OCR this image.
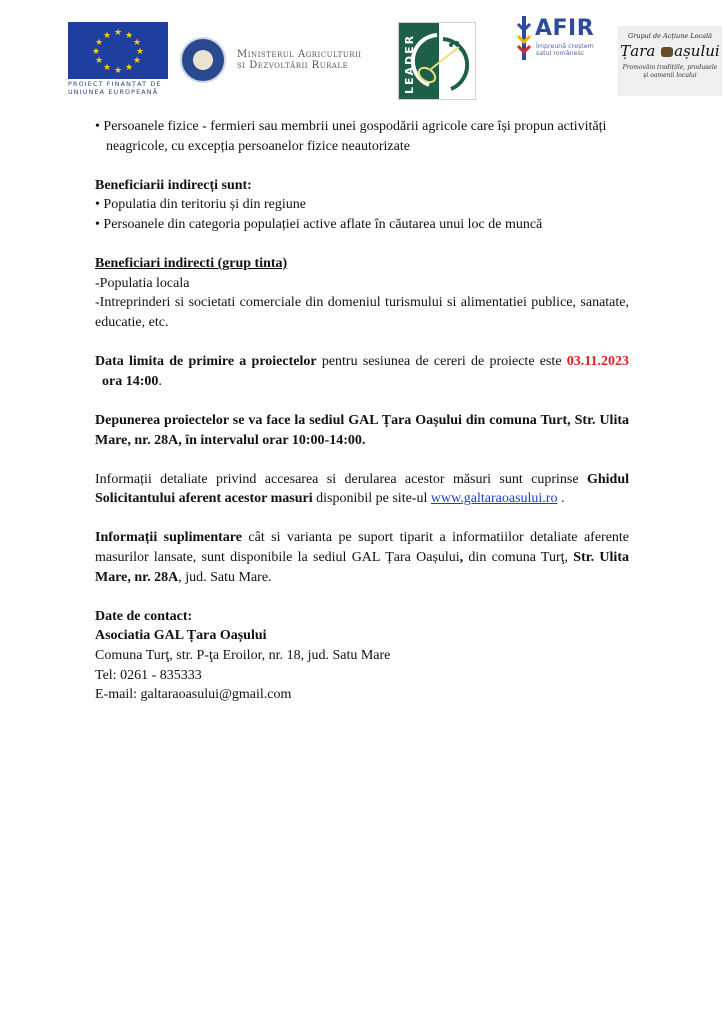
★ ★
★
★
★
★
★
★
★
★
★
★
PROIECT FINANȚAT DE
UNIUNEA EUROPEANĂ
Ministerul Agriculturii
și Dezvoltării Rurale	LEADER
AFIR
Împreună creștem
satul românesc
Grupul de Acțiune Locală
Țara așului
Promovăm tradițiile, produsele
și oamenii locului

• Persoanele fizice - fermieri sau membrii unei gospodării agricole care își propun activități neagricole, cu excepția persoanelor fizice neautorizate

Beneficiarii indirecți sunt:

• Populatia din teritoriu și din regiune

• Persoanele din categoria populației active aflate în căutarea unui loc de muncă

Beneficiari indirecti (grup tinta)

-Populatia locala

-Intreprinderi si societati comerciale din domeniul turismului si alimentatiei publice, sanatate, educatie, etc.

Data limita de primire a proiectelor pentru sesiunea de cereri de proiecte este 03.11.2023  ora 14:00.

Depunerea proiectelor se va face la sediul GAL Țara Oașului din comuna Turt, Str. Ulita Mare, nr. 28A, în intervalul orar 10:00-14:00.

Informații detaliate privind accesarea si derularea acestor măsuri sunt cuprinse Ghidul Solicitantului aferent acestor masuri disponibil pe site-ul www.galtaraoasului.ro .

Informații suplimentare cât si varianta pe suport tiparit a informatiilor detaliate aferente masurilor lansate, sunt disponibile la sediul GAL Țara Oașului, din comuna Turţ, Str. Ulita Mare, nr. 28A, jud. Satu Mare.

Date de contact:

Asociatia GAL Țara Oașului

Comuna Turţ, str. P-ţa Eroilor, nr. 18, jud. Satu Mare

Tel: 0261 - 835333

E-mail: galtaraoasului@gmail.com
